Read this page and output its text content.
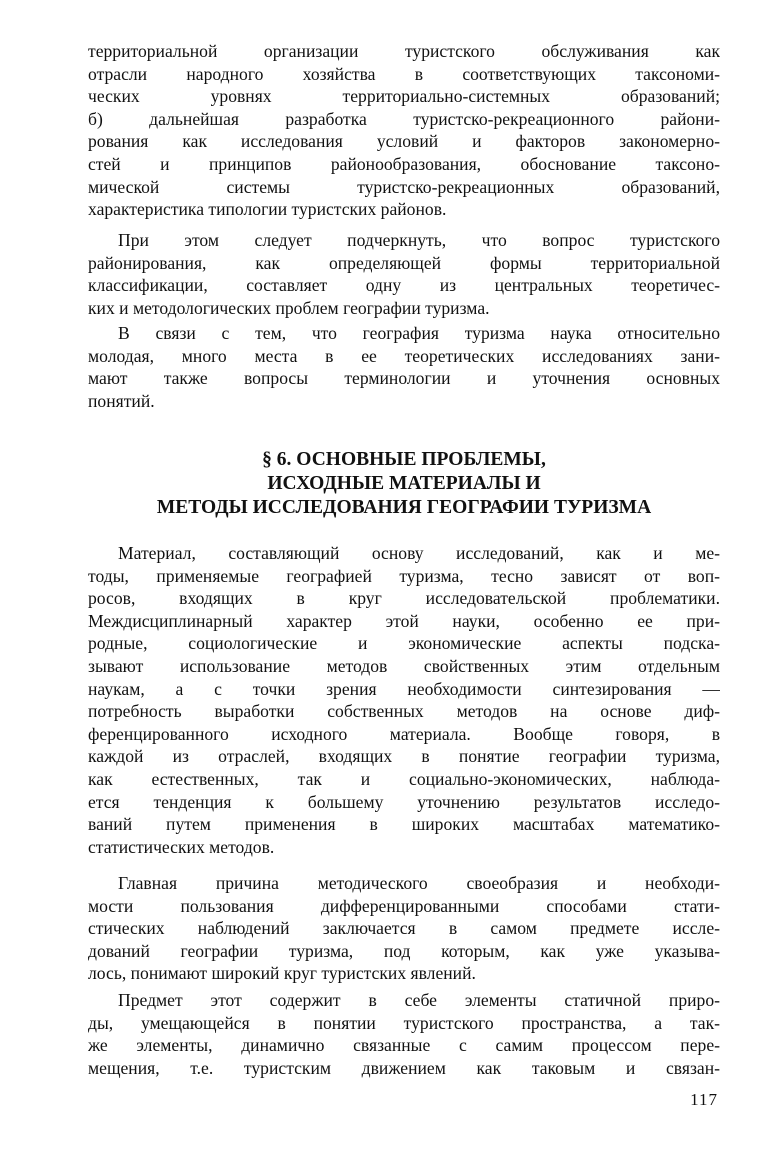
территориальной организации туристского обслуживания как
отрасли народного хозяйства в соответствующих таксономи-
ческих уровнях территориально-системных образований;
б) дальнейшая разработка туристско-рекреационного райони-
рования как исследования условий и факторов закономерно-
стей и принципов районообразования, обоснование таксоно-
мической системы туристско-рекреационных образований,
характеристика типологии туристских районов.
При этом следует подчеркнуть, что вопрос туристского
районирования, как определяющей формы территориальной
классификации, составляет одну из центральных теоретичес-
ких и методологических проблем географии туризма.
В связи с тем, что география туризма наука относительно
молодая, много места в ее теоретических исследованиях зани-
мают также вопросы терминологии и уточнения основных
понятий.
§ 6. ОСНОВНЫЕ ПРОБЛЕМЫ,
ИСХОДНЫЕ МАТЕРИАЛЫ И
МЕТОДЫ ИССЛЕДОВАНИЯ ГЕОГРАФИИ ТУРИЗМА
Материал, составляющий основу исследований, как и ме-
тоды, применяемые географией туризма, тесно зависят от воп-
росов, входящих в круг исследовательской проблематики.
Междисциплинарный характер этой науки, особенно ее при-
родные, социологические и экономические аспекты подска-
зывают использование методов свойственных этим отдельным
наукам, а с точки зрения необходимости синтезирования —
потребность выработки собственных методов на основе диф-
ференцированного исходного материала. Вообще говоря, в
каждой из отраслей, входящих в понятие географии туризма,
как естественных, так и социально-экономических, наблюда-
ется тенденция к большему уточнению результатов исследо-
ваний путем применения в широких масштабах математико-
статистических методов.
Главная причина методического своеобразия и необходи-
мости пользования дифференцированными способами стати-
стических наблюдений заключается в самом предмете иссле-
дований географии туризма, под которым, как уже указыва-
лось, понимают широкий круг туристских явлений.
Предмет этот содержит в себе элементы статичной приро-
ды, умещающейся в понятии туристского пространства, а так-
же элементы, динамично связанные с самим процессом пере-
мещения, т.е. туристским движением как таковым и связан-
117
